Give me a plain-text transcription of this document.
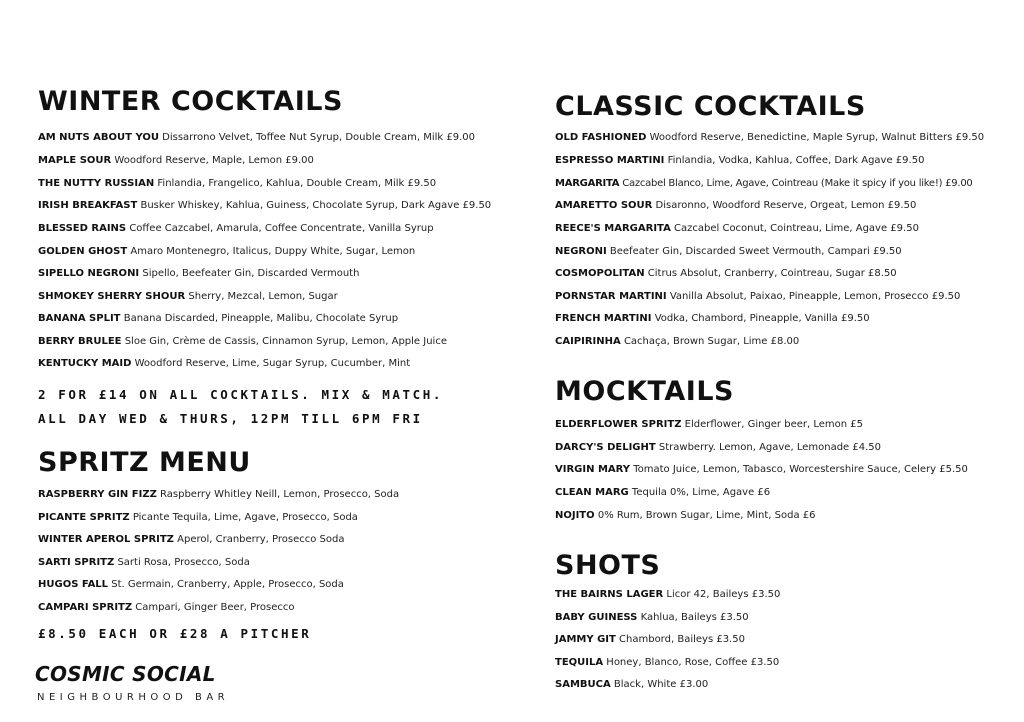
WINTER COCKTAILS
AM NUTS ABOUT YOU Dissarrono Velvet, Toffee Nut Syrup, Double Cream, Milk £9.00
MAPLE SOUR Woodford Reserve, Maple, Lemon £9.00
THE NUTTY RUSSIAN Finlandia, Frangelico, Kahlua, Double Cream, Milk £9.50
IRISH BREAKFAST Busker Whiskey, Kahlua, Guiness, Chocolate Syrup, Dark Agave £9.50
BLESSED RAINS Coffee Cazcabel, Amarula, Coffee Concentrate, Vanilla Syrup
GOLDEN GHOST Amaro Montenegro, Italicus, Duppy White, Sugar, Lemon
SIPELLO NEGRONI Sipello, Beefeater Gin, Discarded Vermouth
SHMOKEY SHERRY SHOUR Sherry, Mezcal, Lemon, Sugar
BANANA SPLIT Banana Discarded, Pineapple, Malibu, Chocolate Syrup
BERRY BRULEE Sloe Gin, Crème de Cassis, Cinnamon Syrup, Lemon, Apple Juice
KENTUCKY MAID Woodford Reserve, Lime, Sugar Syrup, Cucumber, Mint
2 FOR £14 ON ALL COCKTAILS. MIX & MATCH.
ALL DAY WED & THURS, 12PM TILL 6PM FRI
SPRITZ MENU
RASPBERRY GIN FIZZ Raspberry Whitley Neill, Lemon, Prosecco, Soda
PICANTE SPRITZ Picante Tequila, Lime, Agave, Prosecco, Soda
WINTER APEROL SPRITZ Aperol, Cranberry, Prosecco Soda
SARTI SPRITZ Sarti Rosa, Prosecco, Soda
HUGOS FALL St. Germain, Cranberry, Apple, Prosecco, Soda
CAMPARI SPRITZ Campari, Ginger Beer, Prosecco
£8.50 EACH OR £28 A PITCHER
COSMIC SOCIAL
NEIGHBOURHOOD BAR
CLASSIC COCKTAILS
OLD FASHIONED Woodford Reserve, Benedictine, Maple Syrup, Walnut Bitters £9.50
ESPRESSO MARTINI Finlandia, Vodka, Kahlua, Coffee, Dark Agave £9.50
MARGARITA Cazcabel Blanco, Lime, Agave, Cointreau (Make it spicy if you like!) £9.00
AMARETTO SOUR Disaronno, Woodford Reserve, Orgeat, Lemon £9.50
REECE'S MARGARITA Cazcabel Coconut, Cointreau, Lime, Agave £9.50
NEGRONI Beefeater Gin, Discarded Sweet Vermouth, Campari £9.50
COSMOPOLITAN Citrus Absolut, Cranberry, Cointreau, Sugar £8.50
PORNSTAR MARTINI Vanilla Absolut, Paixao, Pineapple, Lemon, Prosecco £9.50
FRENCH MARTINI Vodka, Chambord, Pineapple, Vanilla £9.50
CAIPIRINHA Cachaça, Brown Sugar, Lime £8.00
MOCKTAILS
ELDERFLOWER SPRITZ Elderflower, Ginger beer, Lemon £5
DARCY'S DELIGHT Strawberry. Lemon, Agave, Lemonade £4.50
VIRGIN MARY Tomato Juice, Lemon, Tabasco, Worcestershire Sauce, Celery £5.50
CLEAN MARG Tequila 0%, Lime, Agave £6
NOJITO 0% Rum, Brown Sugar, Lime, Mint, Soda £6
SHOTS
THE BAIRNS LAGER Licor 42, Baileys £3.50
BABY GUINESS Kahlua, Baileys £3.50
JAMMY GIT Chambord, Baileys £3.50
TEQUILA Honey, Blanco, Rose, Coffee £3.50
SAMBUCA Black, White £3.00
